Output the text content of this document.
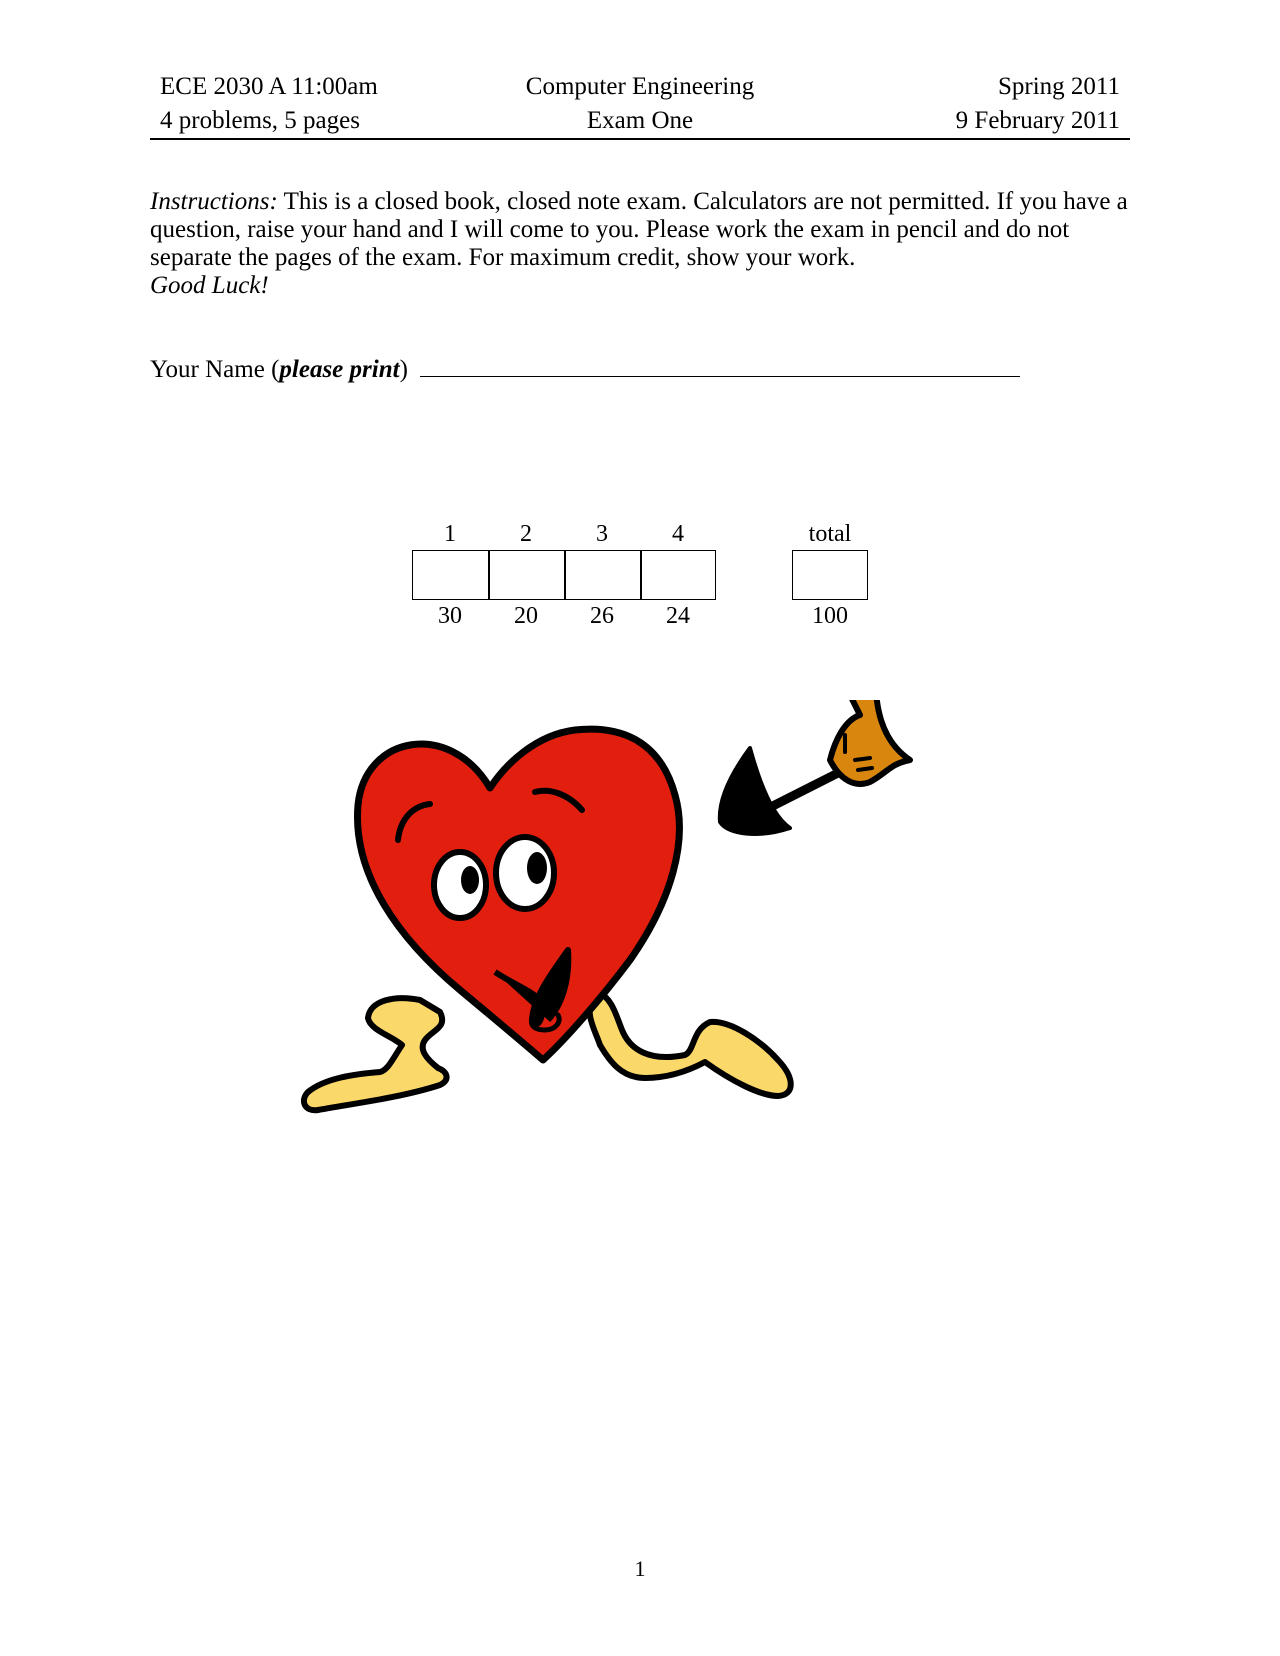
ECE 2030 A 11:00am	Computer Engineering	Spring 2011
4 problems, 5 pages	Exam One	9 February 2011
Instructions: This is a closed book, closed note exam. Calculators are not permitted. If you have a question, raise your hand and I will come to you. Please work the exam in pencil and do not separate the pages of the exam. For maximum credit, show your work.
Good Luck!
Your Name (please print)
1	2	3	4	total
30	20	26	24	100
1
